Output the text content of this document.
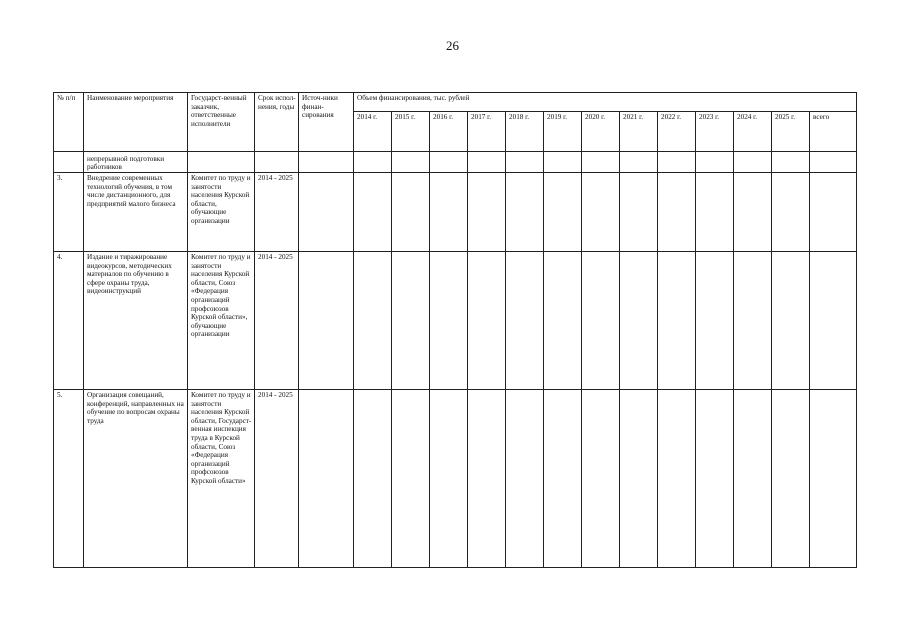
26
№ п/п	Наименование мероприятия	Государст-венный заказчик, ответственные исполнители	Срок испол-нения, годы	Источ-ники финан-сирования	Объем финансирования, тыс. рублей												
					2014 г.	2015 г.	2016 г.	2017 г.	2018 г.	2019 г.	2020 г.	2021 г.	2022 г.	2023 г.	2024 г.	2025 г.	всего
	непрерывной подготовки работников																
3.	Внедрение современных технологий обучения, в том числе дистанционного, для предприятий малого бизнеса	Комитет по труду и занятости населения Курской области, обучающие организации	2014 - 2025														
4.	Издание и тиражирование видеокурсов, методических материалов по обучению в сфере охраны труда, видеоинструкций	Комитет по труду и занятости населения Курской области, Союз «Федерация организаций профсоюзов Курской области», обучающие организации	2014 - 2025														
5.	Организация совещаний, конференций, направленных на обучение по вопросам охраны труда	Комитет по труду и занятости населения Курской области, Государст-венная инспекция труда в Курской области, Союз «Федерация организаций профсоюзов Курской области»	2014 - 2025														
